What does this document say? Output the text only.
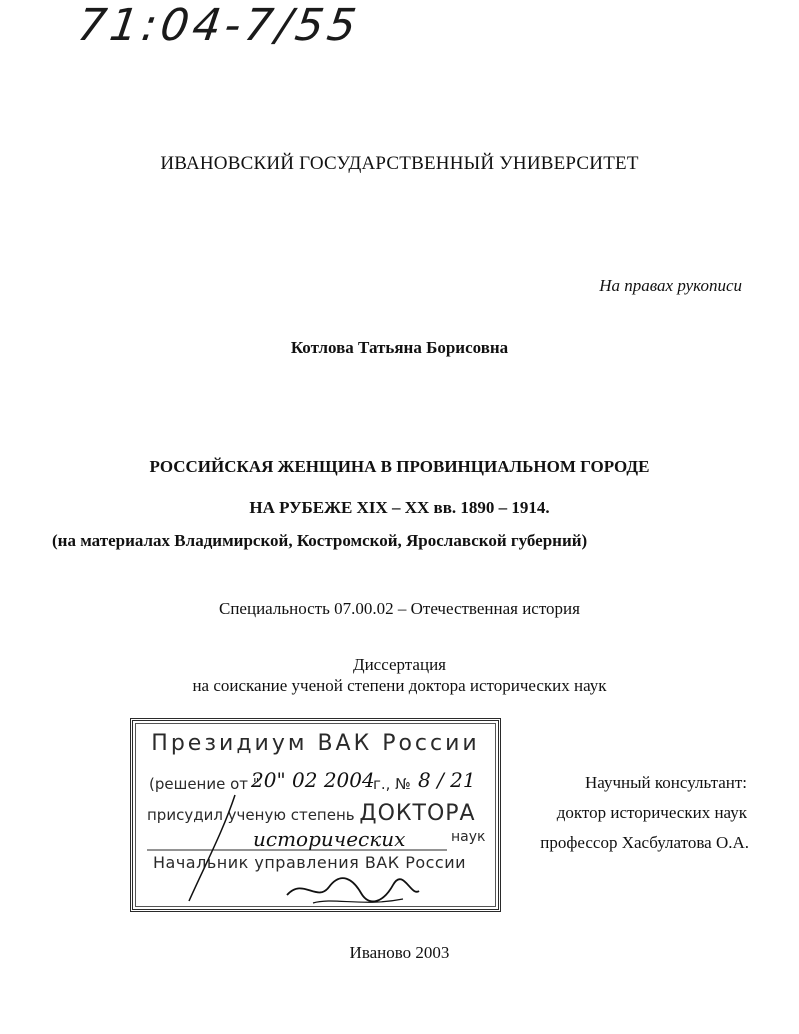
71:04-7/55
ИВАНОВСКИЙ ГОСУДАРСТВЕННЫЙ УНИВЕРСИТЕТ
На правах рукописи
Котлова Татьяна Борисовна
РОССИЙСКАЯ ЖЕНЩИНА В ПРОВИНЦИАЛЬНОМ ГОРОДЕ
НА РУБЕЖЕ XIX – XX вв. 1890 – 1914.
(на материалах Владимирской, Костромской, Ярославской губерний)
Специальность 07.00.02 – Отечественная история
Диссертация
на соискание ученой степени доктора исторических наук
Президиум ВАК России
(решение от "
20" 02 2004
г., № 8 / 21
присудил ученую степень ДОКТОРА
исторических	наук
Начальник управления ВАК России
Научный консультант:
доктор исторических наук
профессор Хасбулатова О.А.
Иваново 2003
